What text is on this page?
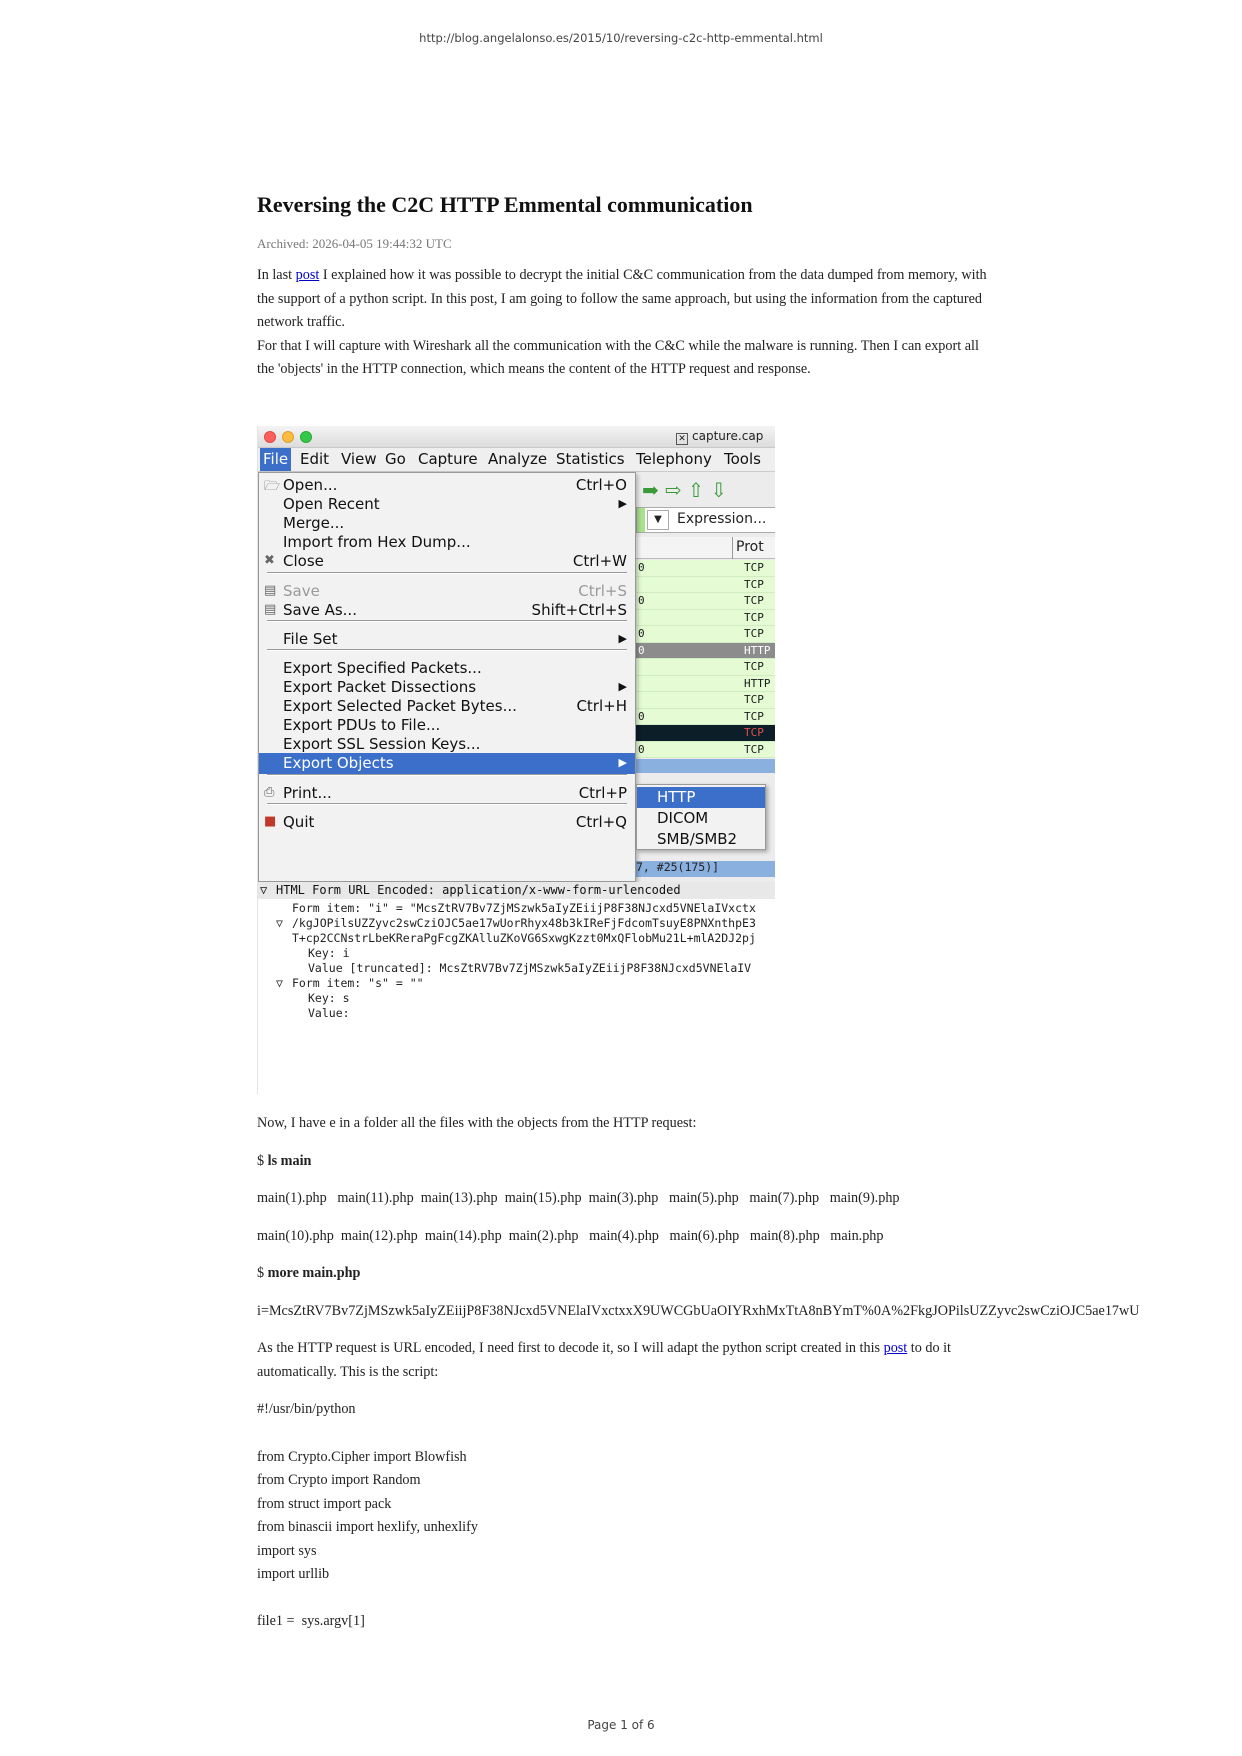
http://blog.angelalonso.es/2015/10/reversing-c2c-http-emmental.html
Reversing the C2C HTTP Emmental communication
Archived: 2026-04-05 19:44:32 UTC

In last post I explained how it was possible to decrypt the initial C&C communication from the data dumped from memory, with the support of a python script. In this post, I am going to follow the same approach, but using the information from the captured network traffic.

For that I will capture with Wireshark all the communication with the C&C while the malware is running. Then I can export all the 'objects' in the HTTP connection, which means the content of the HTTP request and response.

✕ capture.cap
File Edit View Go Capture Analyze Statistics Telephony Tools
➡⇨⇧⇩
▼	Expression...
Prot
0	TCP
TCP
0	TCP
TCP
0	TCP
0	HTTP
TCP
HTTP
TCP
0	TCP
TCP
0	TCP
7, #25(175)]
🗁 Open...	Ctrl+O
Open Recent	▶
Merge...
Import from Hex Dump...
✖ Close	Ctrl+W
▤ Save	Ctrl+S
▤ Save As...	Shift+Ctrl+S
File Set	▶
Export Specified Packets...
Export Packet Dissections	▶
Export Selected Packet Bytes...	Ctrl+H
Export PDUs to File...
Export SSL Session Keys...
Export Objects	▶
⎙ Print...	Ctrl+P
■ Quit	Ctrl+Q
HTTP
DICOM
SMB/SMB2
▽ HTML Form URL Encoded: application/x-www-form-urlencoded
Form item: "i" = "McsZtRV7Bv7ZjMSzwk5aIyZEiijP8F38NJcxd5VNElaIVxctx
▽ /kgJOPilsUZZyvc2swCziOJC5ae17wUorRhyx48b3kIReFjFdcomTsuyE8PNXnthpE3
T+cp2CCNstrLbeKReraPgFcgZKAlluZKoVG6SxwgKzzt0MxQFlobMu21L+mlA2DJ2pj
Key: i
Value [truncated]: McsZtRV7Bv7ZjMSzwk5aIyZEiijP8F38NJcxd5VNElaIV
▽ Form item: "s" = ""
Key: s
Value:

Now, I have e in a folder all the files with the objects from the HTTP request:

$ ls main

main(1).php   main(11).php  main(13).php  main(15).php  main(3).php   main(5).php   main(7).php   main(9).php

main(10).php  main(12).php  main(14).php  main(2).php   main(4).php   main(6).php   main(8).php   main.php

$ more main.php

i=McsZtRV7Bv7ZjMSzwk5aIyZEiijP8F38NJcxd5VNElaIVxctxxX9UWCGbUaOIYRxhMxTtA8nBYmT%0A%2FkgJOPilsUZZyvc2swCziOJC5ae17wU

As the HTTP request is URL encoded, I need first to decode it, so I will adapt the python script created in this post to do it automatically. This is the script:

#!/usr/bin/python

from Crypto.Cipher import Blowfish
from Crypto import Random
from struct import pack
from binascii import hexlify, unhexlify
import sys
import urllib

file1 =  sys.argv[1]

Page 1 of 6
